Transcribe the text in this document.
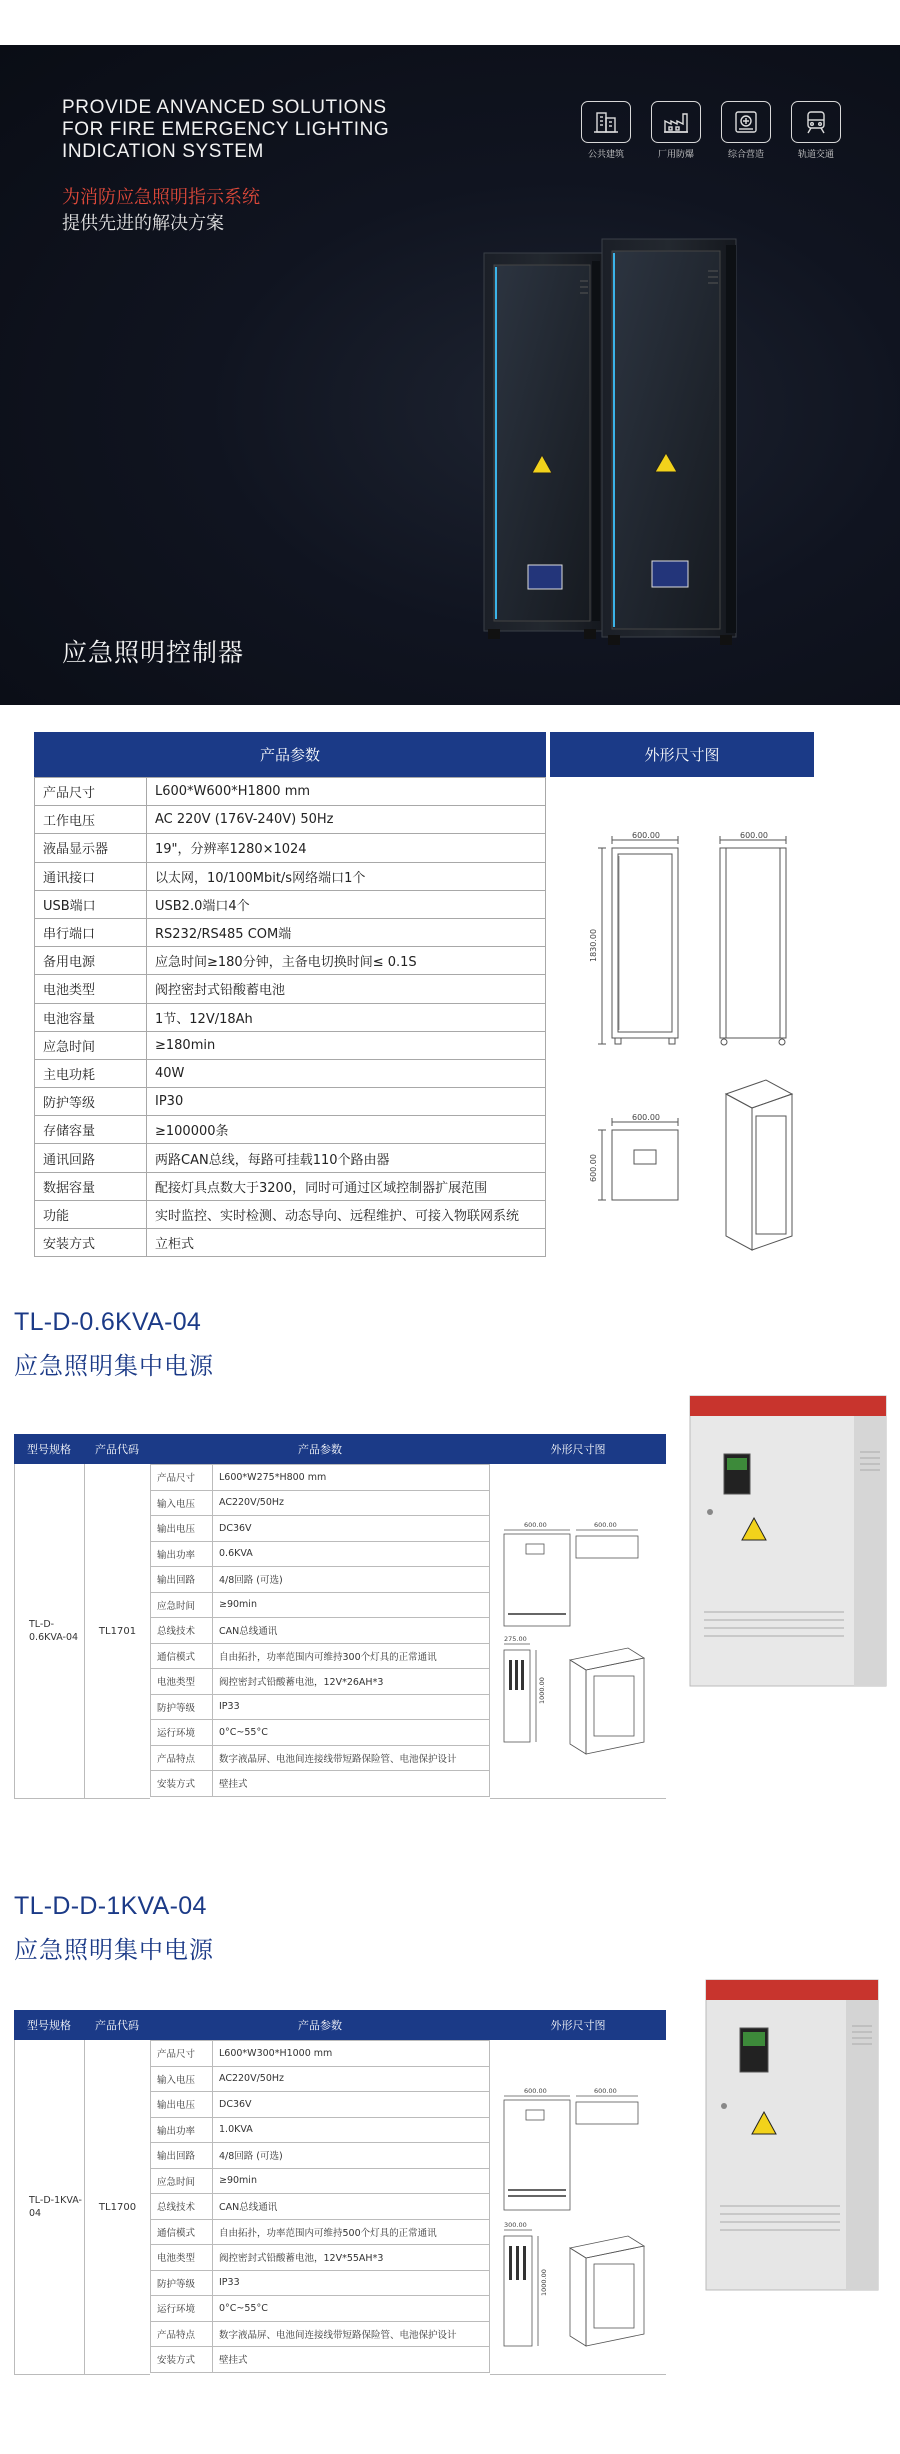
PROVIDE ANVANCED SOLUTIONS
FOR FIRE EMERGENCY LIGHTING
INDICATION SYSTEM
为消防应急照明指示系统
提供先进的解决方案
公共建筑	厂用防爆	综合营造	轨道交通
应急照明控制器
产品参数	外形尺寸图
产品尺寸	L600*W600*H1800 mm
工作电压	AC 220V (176V-240V) 50Hz
液晶显示器	19"，分辨率1280×1024
通讯接口	以太网，10/100Mbit/s网络端口1个
USB端口	USB2.0端口4个
串行端口	RS232/RS485 COM端
备用电源	应急时间≥180分钟，主备电切换时间≤ 0.1S
电池类型	阀控密封式铅酸蓄电池
电池容量	1节、12V/18Ah
应急时间	≥180min
主电功耗	40W
防护等级	IP30
存储容量	≥100000条
通讯回路	两路CAN总线，每路可挂载110个路由器
数据容量	配接灯具点数大于3200，同时可通过区域控制器扩展范围
功能	实时监控、实时检测、动态导向、远程维护、可接入物联网系统
安装方式	立柜式
600.00	600.00
1830.00
600.00
600.00
TL-D-0.6KVA-04
应急照明集中电源
型号规格	产品代码	产品参数	外形尺寸图
TL-D-0.6KVA-04
TL1701
产品尺寸	L600*W275*H800 mm
输入电压	AC220V/50Hz
输出电压	DC36V
输出功率	0.6KVA
输出回路	4/8回路 (可选)
应急时间	≥90min
总线技术	CAN总线通讯
通信模式	自由拓扑，功率范围内可维持300个灯具的正常通讯
电池类型	阀控密封式铅酸蓄电池，12V*26AH*3
防护等级	IP33
运行环境	0°C~55°C
产品特点	数字液晶屏、电池间连接线带短路保险管、电池保护设计
安装方式	壁挂式
600.00	600.00
275.00
1000.00
TL-D-D-1KVA-04
应急照明集中电源
型号规格	产品代码	产品参数	外形尺寸图
TL-D-1KVA-04
TL1700
产品尺寸	L600*W300*H1000 mm
输入电压	AC220V/50Hz
输出电压	DC36V
输出功率	1.0KVA
输出回路	4/8回路 (可选)
应急时间	≥90min
总线技术	CAN总线通讯
通信模式	自由拓扑，功率范围内可维持500个灯具的正常通讯
电池类型	阀控密封式铅酸蓄电池，12V*55AH*3
防护等级	IP33
运行环境	0°C~55°C
产品特点	数字液晶屏、电池间连接线带短路保险管、电池保护设计
安装方式	壁挂式
600.00	600.00
300.00
1000.00
